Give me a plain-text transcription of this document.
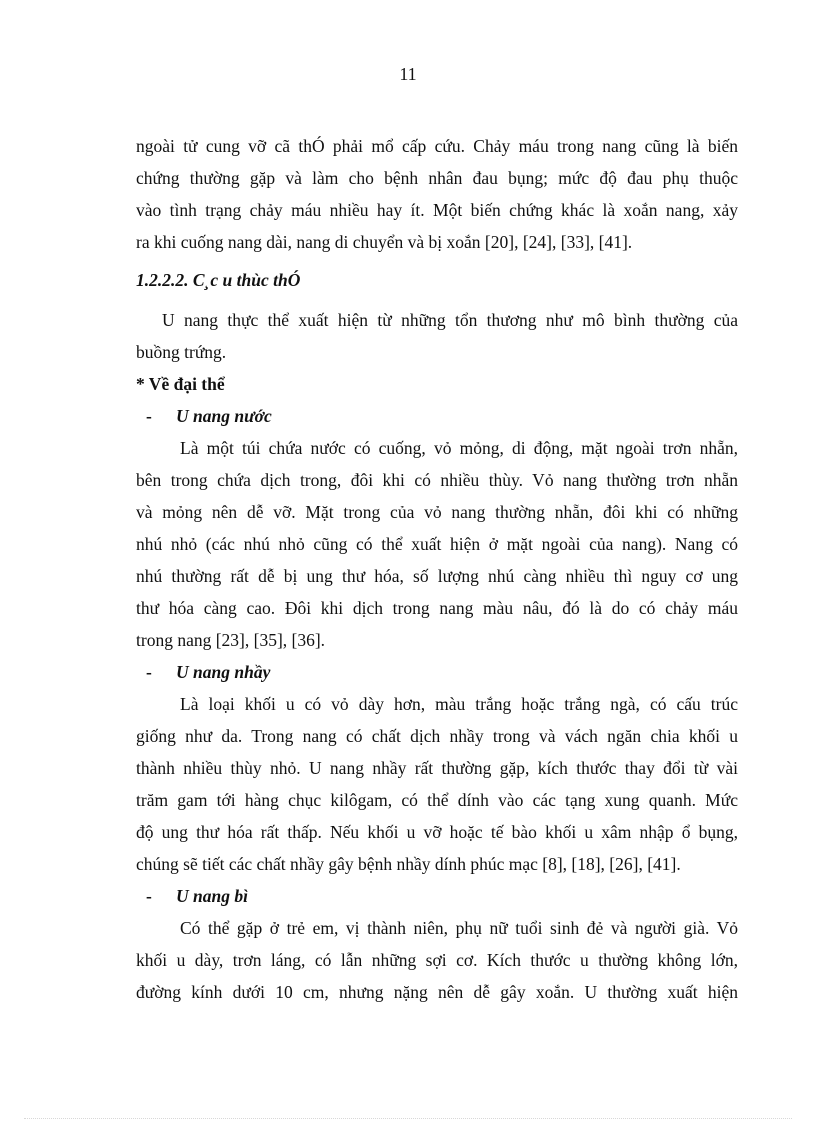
11

ngoài tử cung vỡ cã thÓ phải mổ cấp cứu. Chảy máu trong nang cũng là biến

chứng thường gặp và làm cho bệnh nhân đau bụng; mức độ đau phụ thuộc

vào tình trạng chảy máu nhiều hay ít. Một biến chứng khác là xoắn nang, xảy

ra khi cuống nang dài, nang di chuyển và bị xoắn [20], [24], [33], [41].

1.2.2.2. C¸c u thùc thÓ

U nang thực thể xuất hiện từ những tổn thương như mô bình thường của

buồng trứng.

* Về đại thể

-	U nang nước

Là một túi chứa nước có cuống, vỏ mỏng, di động, mặt ngoài trơn nhẵn,

bên trong chứa dịch trong, đôi khi có nhiều thùy. Vỏ nang thường trơn nhẵn

và mỏng nên dễ vỡ. Mặt trong của vỏ nang thường nhẵn, đôi khi có những

nhú nhỏ (các nhú nhỏ cũng có thể xuất hiện ở mặt ngoài của nang). Nang có

nhú thường rất dễ bị ung thư hóa, số lượng nhú càng nhiều thì nguy cơ ung

thư hóa càng cao. Đôi khi dịch trong nang màu nâu, đó là do có chảy máu

trong nang [23], [35], [36].

-	U nang nhầy

Là loại khối u có vỏ dày hơn, màu trắng hoặc trắng ngà, có cấu trúc

giống như da. Trong nang có chất dịch nhầy trong và vách ngăn chia khối u

thành nhiều thùy nhỏ. U nang nhầy rất thường gặp, kích thước thay đổi từ vài

trăm gam tới hàng chục kilôgam, có thể dính vào các tạng xung quanh. Mức

độ ung thư hóa rất thấp. Nếu khối u vỡ hoặc tế bào khối u xâm nhập ổ bụng,

chúng sẽ tiết các chất nhầy gây bệnh nhầy dính phúc mạc [8], [18], [26], [41].

-	U nang bì

Có thể gặp ở trẻ em, vị thành niên, phụ nữ tuổi sinh đẻ và người già. Vỏ

khối u dày, trơn láng, có lẫn những sợi cơ. Kích thước u thường không lớn,

đường kính dưới 10 cm, nhưng nặng nên dễ gây xoắn. U thường xuất hiện
